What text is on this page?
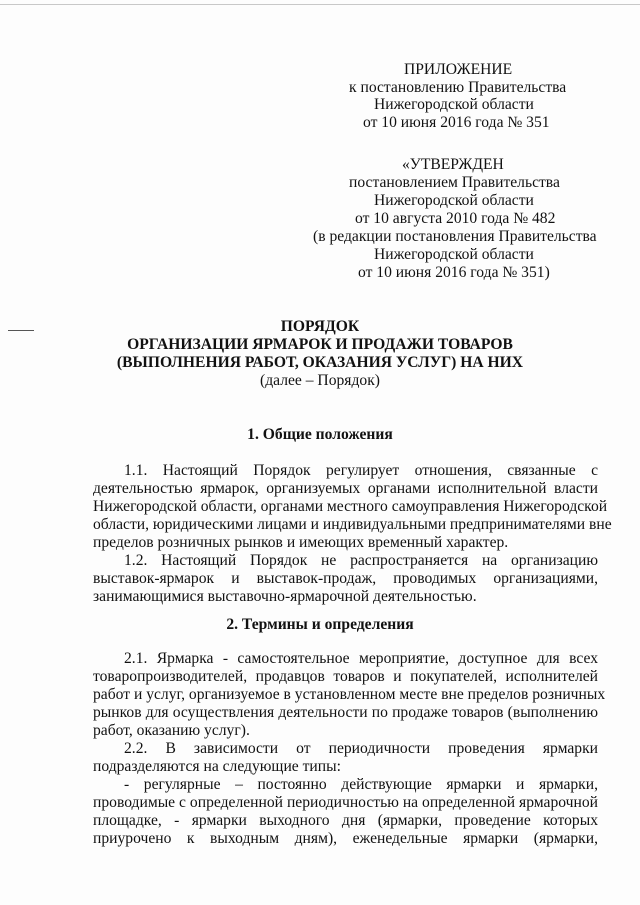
ПРИЛОЖЕНИЕ
к постановлению Правительства
Нижегородской области
от 10 июня 2016 года № 351
«УТВЕРЖДЕН
постановлением Правительства
Нижегородской области
от 10 августа 2010 года № 482
(в редакции постановления Правительства
Нижегородской области
от 10 июня 2016 года № 351)
ПОРЯДОК
ОРГАНИЗАЦИИ ЯРМАРОК И ПРОДАЖИ ТОВАРОВ
(ВЫПОЛНЕНИЯ РАБОТ, ОКАЗАНИЯ УСЛУГ) НА НИХ
(далее – Порядок)
1. Общие положения
1.1. Настоящий Порядок регулирует отношения, связанные с
деятельностью ярмарок, организуемых органами исполнительной власти
Нижегородской области, органами местного самоуправления Нижегородской
области, юридическими лицами и индивидуальными предпринимателями вне
пределов розничных рынков и имеющих временный характер.
1.2. Настоящий Порядок не распространяется на организацию
выставок-ярмарок и выставок-продаж, проводимых организациями,
занимающимися выставочно-ярмарочной деятельностью.
2. Термины и определения
2.1. Ярмарка - самостоятельное мероприятие, доступное для всех
товаропроизводителей, продавцов товаров и покупателей, исполнителей
работ и услуг, организуемое в установленном месте вне пределов розничных
рынков для осуществления деятельности по продаже товаров (выполнению
работ, оказанию услуг).
2.2. В зависимости от периодичности проведения ярмарки
подразделяются на следующие типы:
- регулярные – постоянно действующие ярмарки и ярмарки,
проводимые с определенной периодичностью на определенной ярмарочной
площадке, - ярмарки выходного дня (ярмарки, проведение которых
приурочено к выходным дням), еженедельные ярмарки (ярмарки,
